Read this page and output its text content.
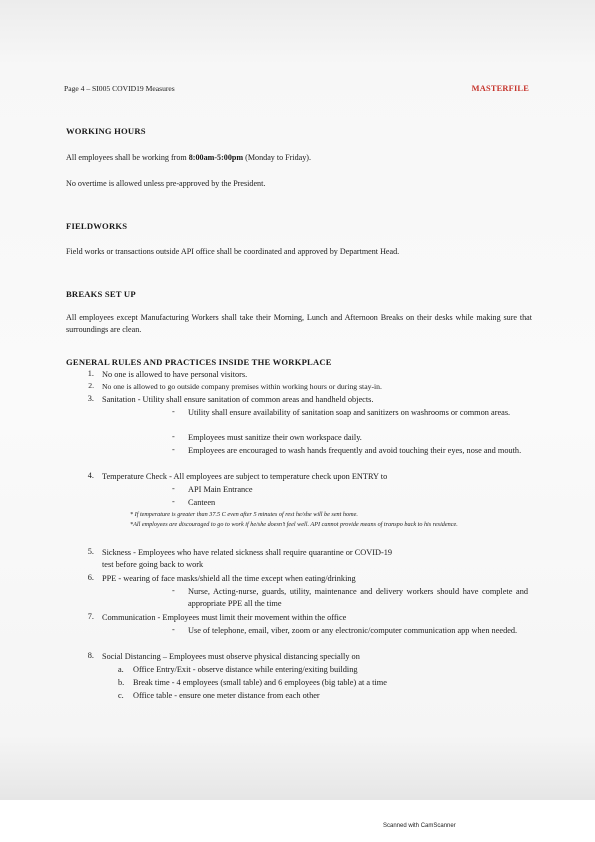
Page 4 – SI005 COVID19 Measures	MASTERFILE
WORKING HOURS
All employees shall be working from 8:00am-5:00pm (Monday to Friday).
No overtime is allowed unless pre-approved by the President.
FIELDWORKS
Field works or transactions outside API office shall be coordinated and approved by Department Head.
BREAKS SET UP
All employees except Manufacturing Workers shall take their Morning, Lunch and Afternoon Breaks on their desks while making sure that surroundings are clean.
GENERAL RULES AND PRACTICES INSIDE THE WORKPLACE
1. No one is allowed to have personal visitors.
2. No one is allowed to go outside company premises within working hours or during stay-in.
3. Sanitation - Utility shall ensure sanitation of common areas and handheld objects.
- Utility shall ensure availability of sanitation soap and sanitizers on washrooms or common areas.
- Employees must sanitize their own workspace daily.
- Employees are encouraged to wash hands frequently and avoid touching their eyes, nose and mouth.
4. Temperature Check - All employees are subject to temperature check upon ENTRY to
- API Main Entrance
- Canteen
* If temperature is greater than 37.5 C even after 5 minutes of rest he/she will be sent home.
*All employees are discouraged to go to work if he/she doesn’t feel well. API cannot provide means of transpo back to his residence.
5. Sickness - Employees who have related sickness shall require quarantine or COVID-19
test before going back to work
6. PPE - wearing of face masks/shield all the time except when eating/drinking
- Nurse, Acting-nurse, guards, utility, maintenance and delivery workers should have complete and appropriate PPE all the time
7. Communication - Employees must limit their movement within the office
- Use of telephone, email, viber, zoom or any electronic/computer communication app when needed.
8. Social Distancing – Employees must observe physical distancing specially on
a. Office Entry/Exit - observe distance while entering/exiting building
b. Break time - 4 employees (small table) and 6 employees (big table) at a time
c. Office table - ensure one meter distance from each other
Scanned with CamScanner
